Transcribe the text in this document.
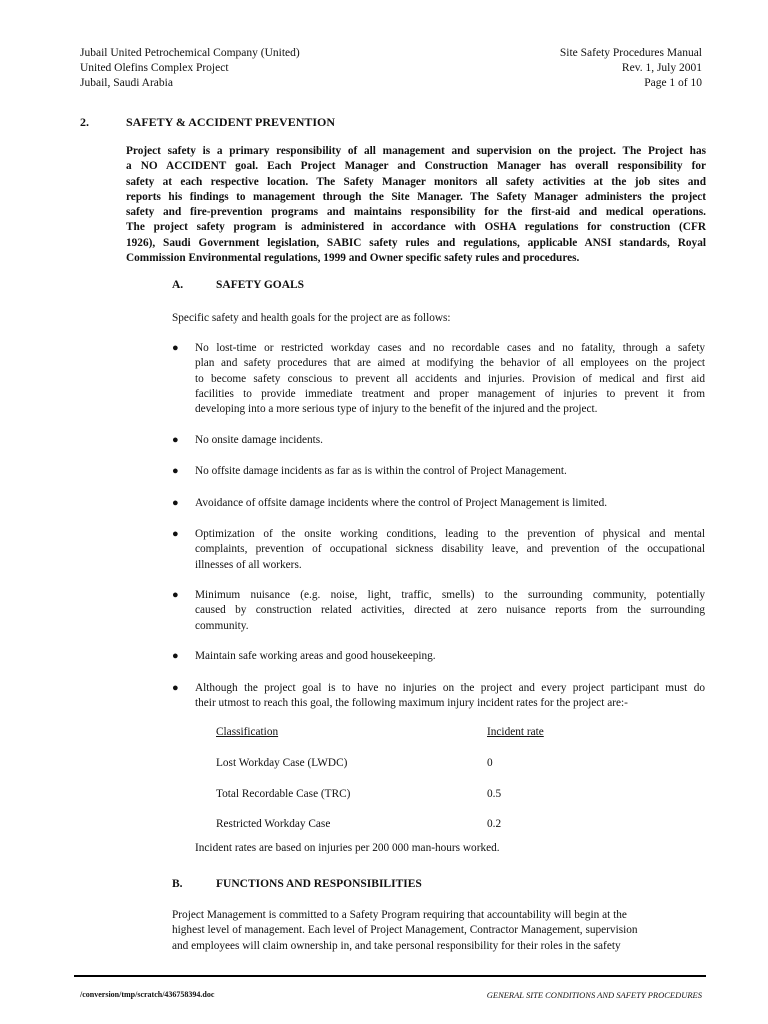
Jubail United Petrochemical Company (United)
United Olefins Complex Project
Jubail, Saudi Arabia
Site Safety Procedures Manual
Rev. 1, July 2001
Page 1 of 10
2.	SAFETY & ACCIDENT PREVENTION
Project safety is a primary responsibility of all management and supervision on the project. The Project has
a NO ACCIDENT goal. Each Project Manager and Construction Manager has overall responsibility for
safety at each respective location. The Safety Manager monitors all safety activities at the job sites and
reports his findings to management through the Site Manager. The Safety Manager administers the project
safety and fire-prevention programs and maintains responsibility for the first-aid and medical operations.
The project safety program is administered in accordance with OSHA regulations for construction (CFR
1926), Saudi Government legislation, SABIC safety rules and regulations, applicable ANSI standards, Royal
Commission Environmental regulations, 1999 and Owner specific safety rules and procedures.
A.	SAFETY GOALS
Specific safety and health goals for the project are as follows:
● No lost-time or restricted workday cases and no recordable cases and no fatality, through a safety
plan and safety procedures that are aimed at modifying the behavior of all employees on the project
to become safety conscious to prevent all accidents and injuries. Provision of medical and first aid
facilities to provide immediate treatment and proper management of injuries to prevent it from
developing into a more serious type of injury to the benefit of the injured and the project.
● No onsite damage incidents.
● No offsite damage incidents as far as is within the control of Project Management.
● Avoidance of offsite damage incidents where the control of Project Management is limited.
● Optimization of the onsite working conditions, leading to the prevention of physical and mental
complaints, prevention of occupational sickness disability leave, and prevention of the occupational
illnesses of all workers.
● Minimum nuisance (e.g. noise, light, traffic, smells) to the surrounding community, potentially
caused by construction related activities, directed at zero nuisance reports from the surrounding
community.
● Maintain safe working areas and good housekeeping.
● Although the project goal is to have no injuries on the project and every project participant must do
their utmost to reach this goal, the following maximum injury incident rates for the project are:-
Classification	Incident rate
Lost Workday Case (LWDC)	0
Total Recordable Case (TRC)	0.5
Restricted Workday Case	0.2
Incident rates are based on injuries per 200 000 man-hours worked.
B.	FUNCTIONS AND RESPONSIBILITIES
Project Management is committed to a Safety Program requiring that accountability will begin at the
highest level of management. Each level of Project Management, Contractor Management, supervision
and employees will claim ownership in, and take personal responsibility for their roles in the safety
/conversion/tmp/scratch/436758394.doc	GENERAL SITE CONDITIONS AND SAFETY PROCEDURES
